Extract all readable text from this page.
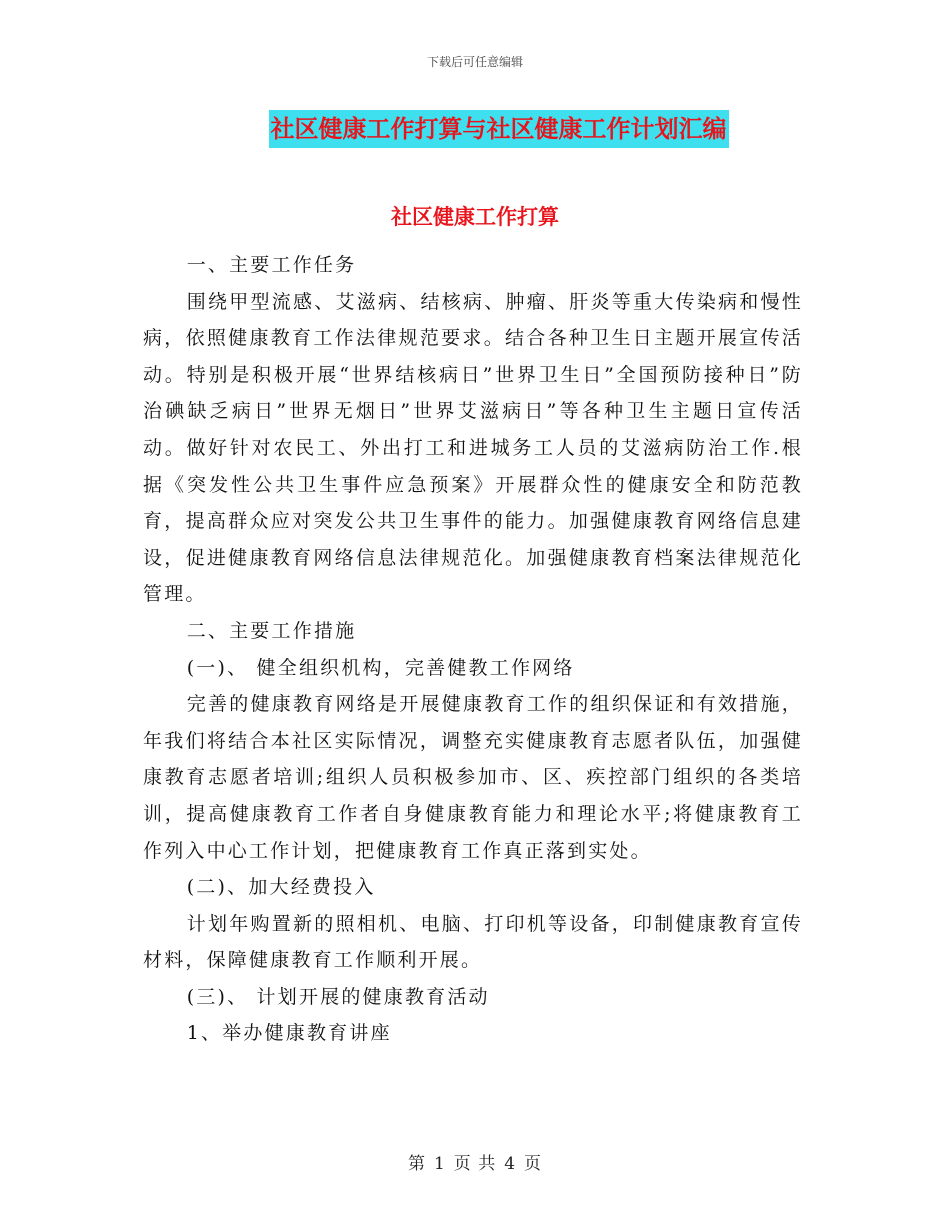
下载后可任意编辑
社区健康工作打算与社区健康工作计划汇编
社区健康工作打算

一、主要工作任务

围绕甲型流感、艾滋病、结核病、肿瘤、肝炎等重大传染病和慢性病，依照健康教育工作法律规范要求。结合各种卫生日主题开展宣传活动。特别是积极开展“世界结核病日”世界卫生日”全国预防接种日”防治碘缺乏病日”世界无烟日”世界艾滋病日”等各种卫生主题日宣传活动。做好针对农民工、外出打工和进城务工人员的艾滋病防治工作.根据《突发性公共卫生事件应急预案》开展群众性的健康安全和防范教育，提高群众应对突发公共卫生事件的能力。加强健康教育网络信息建设，促进健康教育网络信息法律规范化。加强健康教育档案法律规范化管理。

二、主要工作措施

(一)、 健全组织机构，完善健教工作网络

完善的健康教育网络是开展健康教育工作的组织保证和有效措施，年我们将结合本社区实际情况，调整充实健康教育志愿者队伍，加强健康教育志愿者培训;组织人员积极参加市、区、疾控部门组织的各类培训，提高健康教育工作者自身健康教育能力和理论水平;将健康教育工作列入中心工作计划，把健康教育工作真正落到实处。

(二)、加大经费投入

计划年购置新的照相机、电脑、打印机等设备，印制健康教育宣传材料，保障健康教育工作顺利开展。

(三)、 计划开展的健康教育活动

1、举办健康教育讲座

第 1 页 共 4 页
